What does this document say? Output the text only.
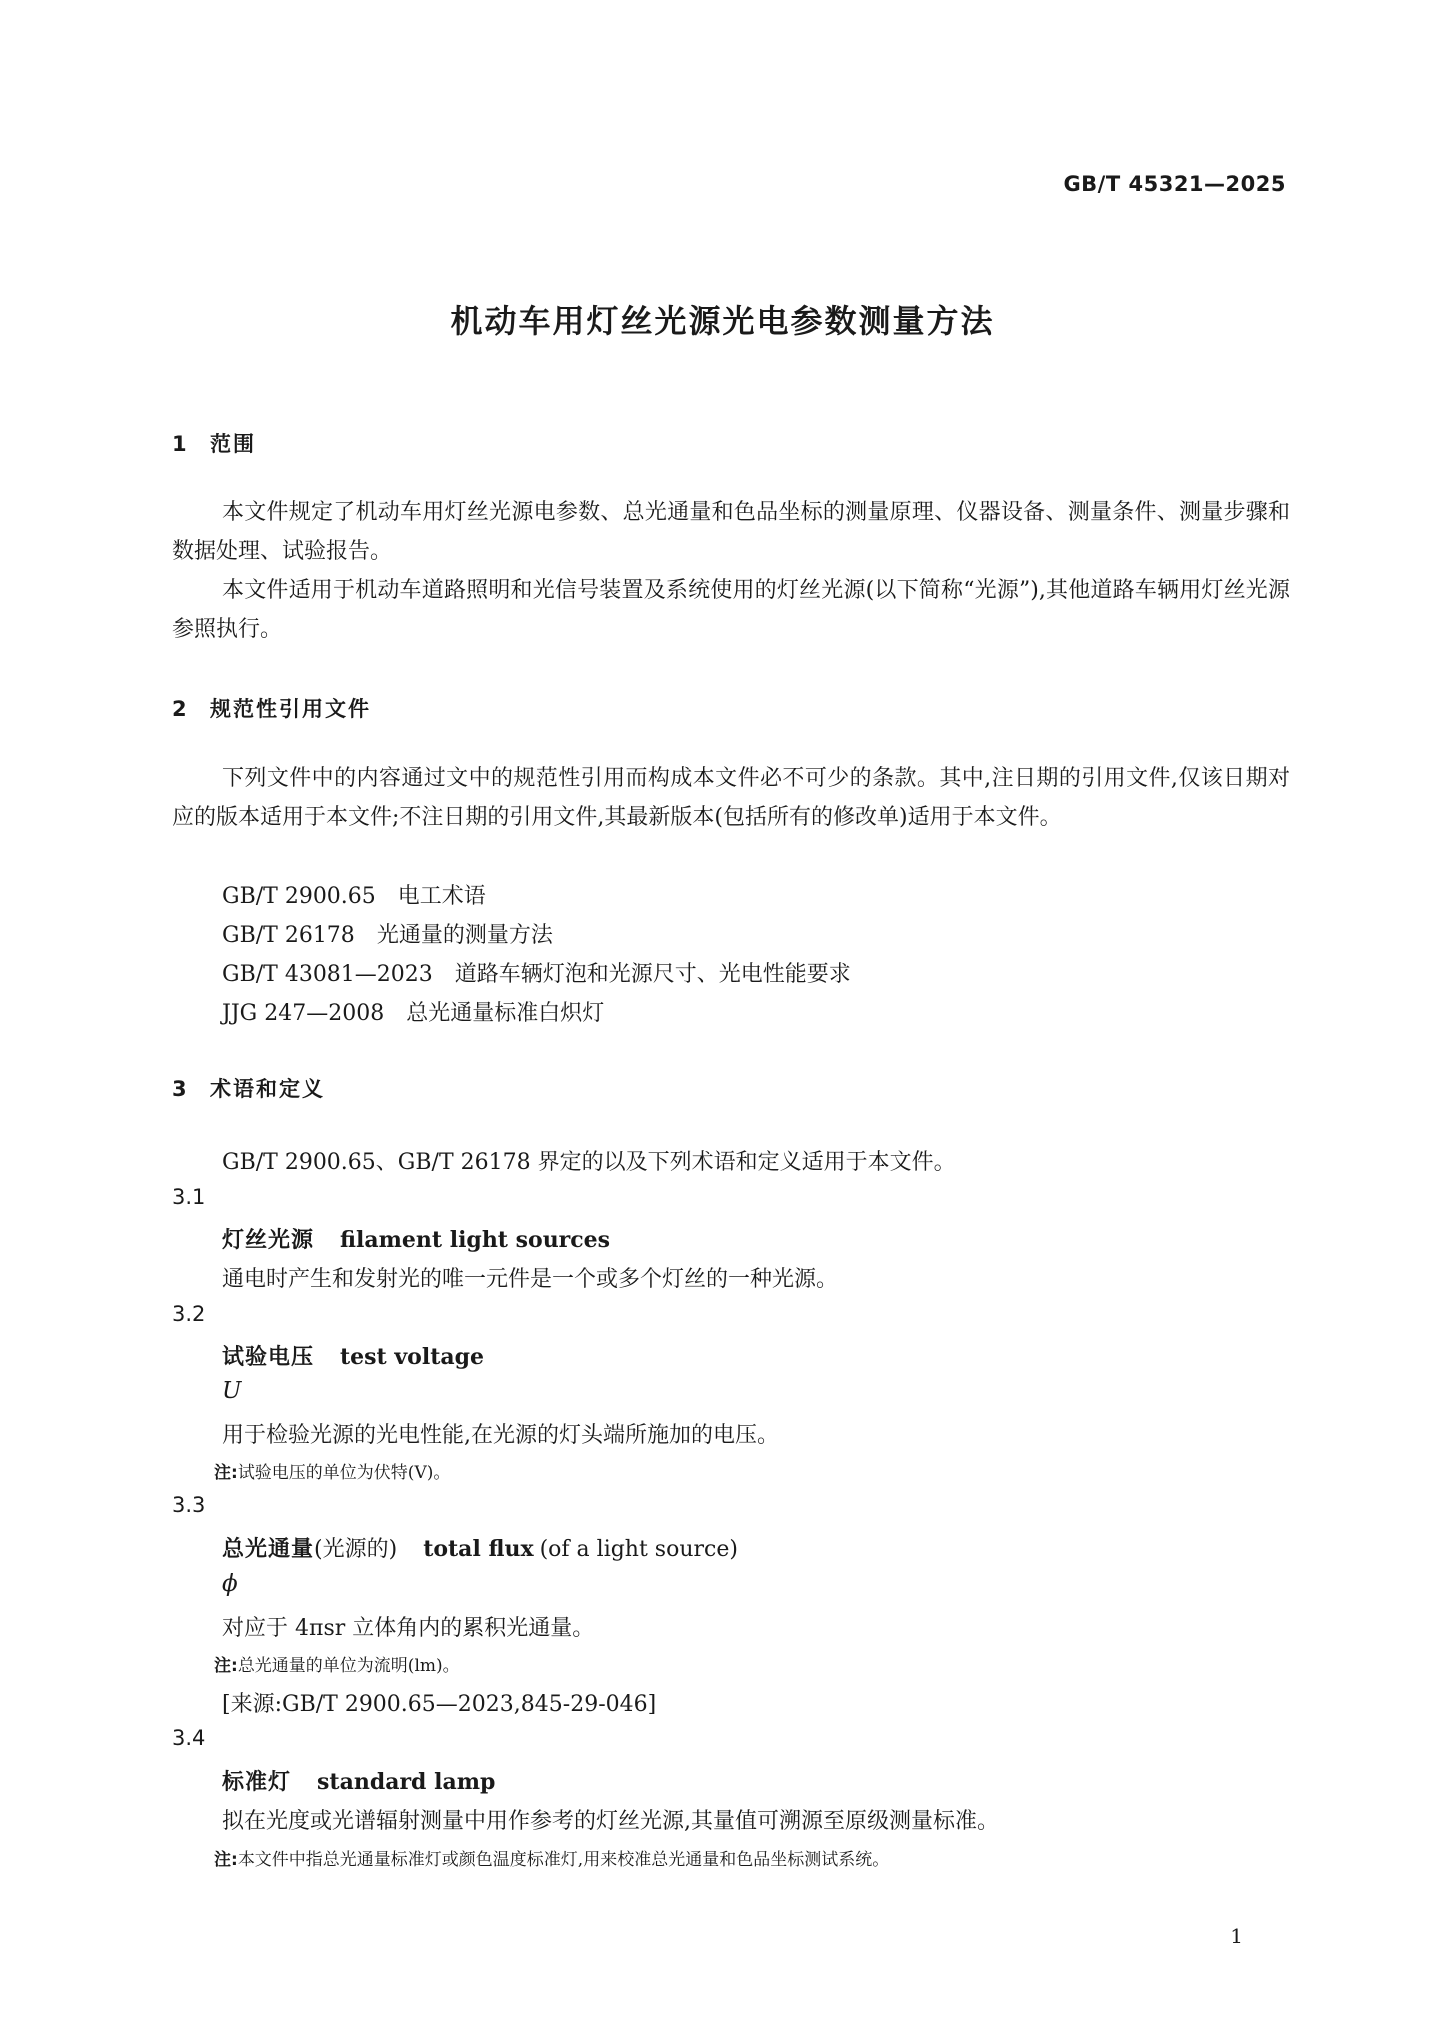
GB/T 45321—2025
机动车用灯丝光源光电参数测量方法
1 范围
本文件规定了机动车用灯丝光源电参数、总光通量和色品坐标的测量原理、仪器设备、测量条件、测量步骤和数据处理、试验报告。
本文件适用于机动车道路照明和光信号装置及系统使用的灯丝光源(以下简称“光源”),其他道路车辆用灯丝光源参照执行。
2 规范性引用文件
下列文件中的内容通过文中的规范性引用而构成本文件必不可少的条款。其中,注日期的引用文件,仅该日期对应的版本适用于本文件;不注日期的引用文件,其最新版本(包括所有的修改单)适用于本文件。
GB/T 2900.65 电工术语
GB/T 26178 光通量的测量方法
GB/T 43081—2023 道路车辆灯泡和光源尺寸、光电性能要求
JJG 247—2008 总光通量标准白炽灯
3 术语和定义
GB/T 2900.65、GB/T 26178 界定的以及下列术语和定义适用于本文件。
3.1
灯丝光源 filament light sources
通电时产生和发射光的唯一元件是一个或多个灯丝的一种光源。
3.2
试验电压 test voltage
U
用于检验光源的光电性能,在光源的灯头端所施加的电压。
注:试验电压的单位为伏特(V)。
3.3
总光通量(光源的) total flux (of a light source)
ϕ
对应于 4πsr 立体角内的累积光通量。
注:总光通量的单位为流明(lm)。
[来源:GB/T 2900.65—2023,845-29-046]
3.4
标准灯 standard lamp
拟在光度或光谱辐射测量中用作参考的灯丝光源,其量值可溯源至原级测量标准。
注:本文件中指总光通量标准灯或颜色温度标准灯,用来校准总光通量和色品坐标测试系统。
1
